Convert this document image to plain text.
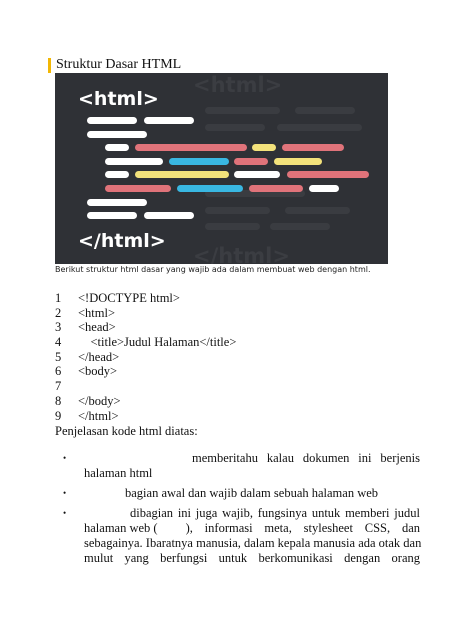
Struktur Dasar HTML
<html>
</html>
<html>
</html>
Berikut struktur html dasar yang wajib ada dalam membuat web dengan html.
1	<!DOCTYPE html>
2	<html>
3	<head>
4	<title>Judul Halaman</title>
5	</head>
6	<body>
7
8	</body>
9	</html>
Penjelasan kode html diatas:
•	memberitahu kalau dokumen ini berjenis
halaman html
•	bagian awal dan wajib dalam sebuah halaman web
•	dibagian ini juga wajib, fungsinya untuk memberi judul
halaman web ( ), informasi meta, stylesheet CSS, dan
sebagainya. Ibaratnya manusia, dalam kepala manusia ada otak dan
mulut yang berfungsi untuk berkomunikasi dengan orang
